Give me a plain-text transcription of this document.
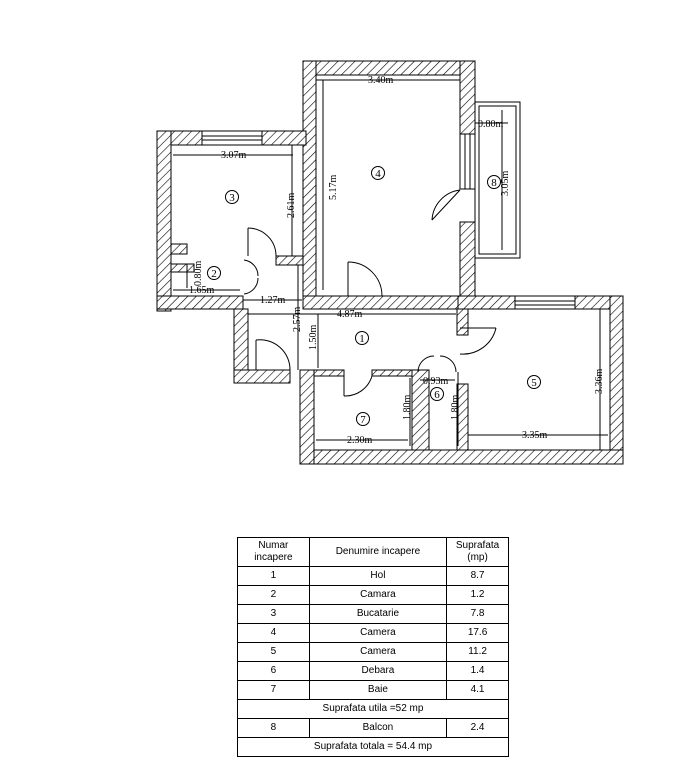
3.40m
0.80m
3.07m
2.61m
5.17m	3.05m
0.80m
1.65m
1.27m
2.57m	4.87m
1.50m
0.93m	3.36m
1.80m	1.80m
2.30m	3.35m
1
2
3
4
5
6
7
8
Numar incapere	Denumire incapere	Suprafata (mp)
1	Hol	8.7
2	Camara	1.2
3	Bucatarie	7.8
4	Camera	17.6
5	Camera	11.2
6	Debara	1.4
7	Baie	4.1
Suprafata utila =52 mp		
8	Balcon	2.4
Suprafata totala = 54.4 mp		
